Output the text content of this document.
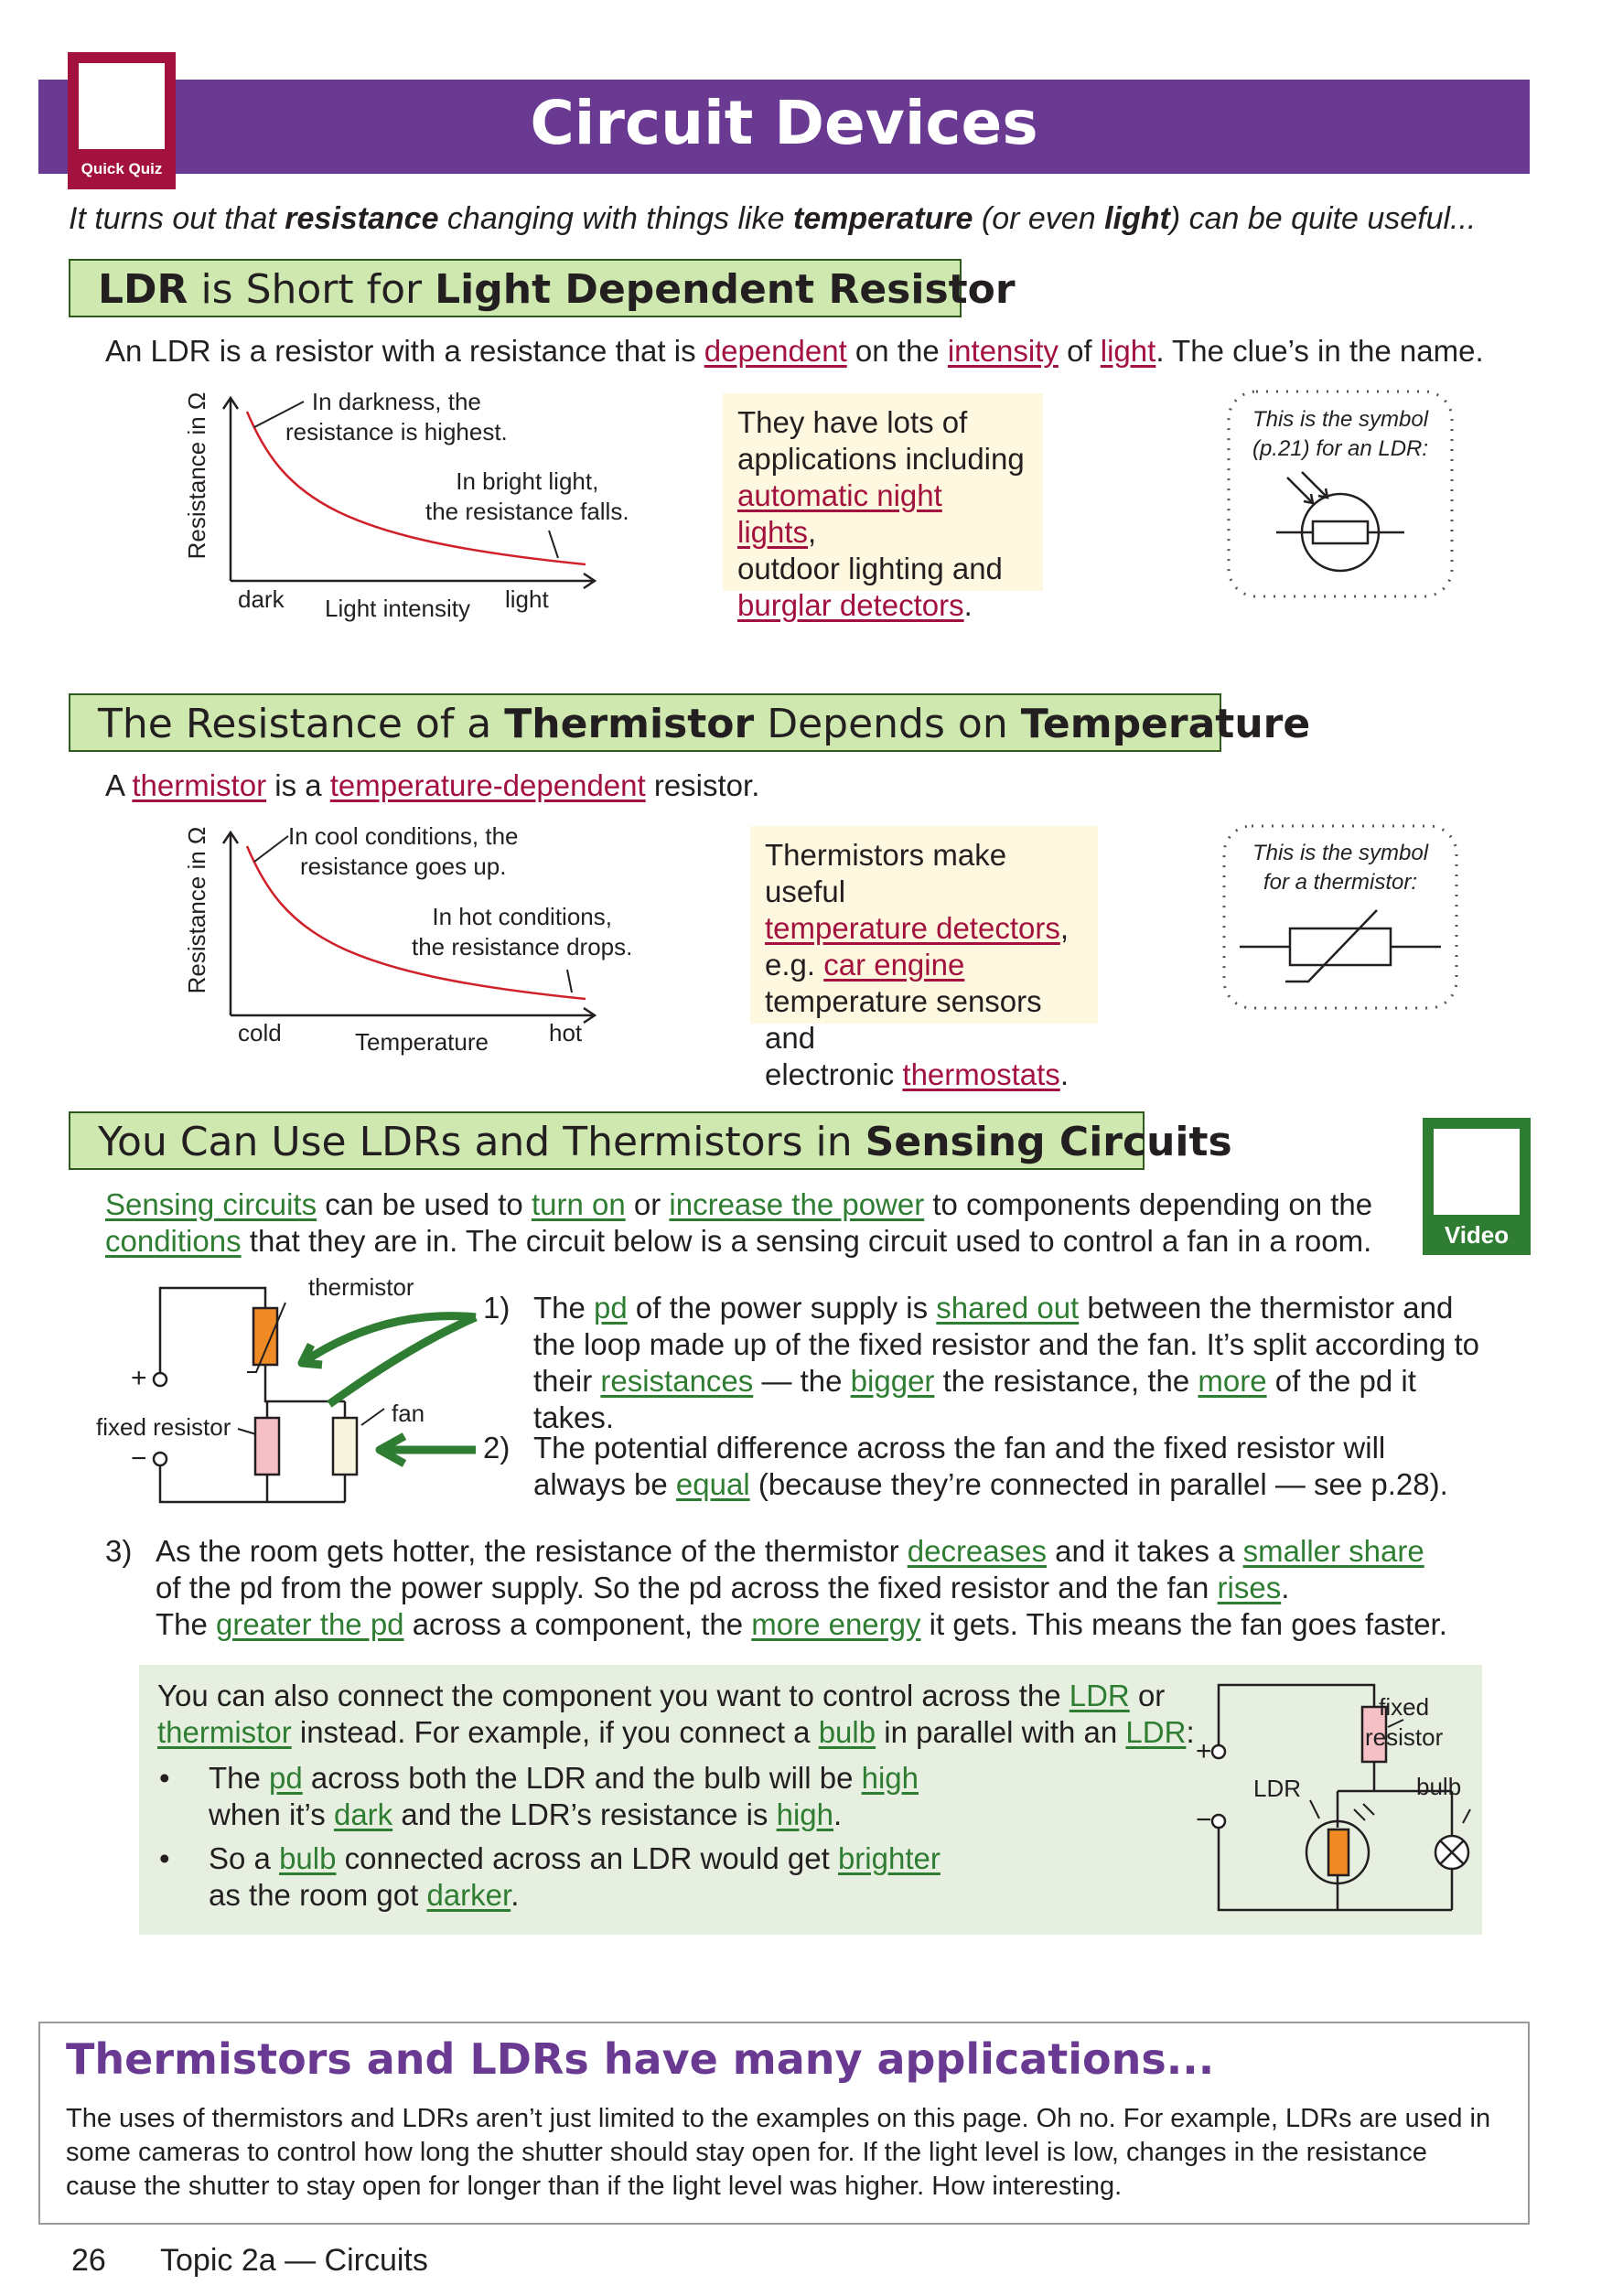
Circuit Devices
Quick Quiz
It turns out that resistance changing with things like temperature (or even light) can be quite useful...
LDR is Short for Light Dependent Resistor
An LDR is a resistor with a resistance that is dependent on the intensity of light. The clue’s in the name.
Resistance in Ω
dark Light intensity light
In darkness, the
resistance is highest.
In bright light,
the resistance falls.
They have lots of
applications including
automatic night lights,
outdoor lighting and
burglar detectors.
This is the symbol
(p.21) for an LDR:
The Resistance of a Thermistor Depends on Temperature
A thermistor is a temperature-dependent resistor.
Resistance in Ω
cold	Temperature	hot
In cool conditions, the
resistance goes up.
In hot conditions,
the resistance drops.
Thermistors make useful
temperature detectors,
e.g. car engine
temperature sensors and
electronic thermostats.
This is the symbol
for a thermistor:
You Can Use LDRs and Thermistors in Sensing Circuits
Video
Sensing circuits can be used to turn on or increase the power to components depending on the
conditions that they are in. The circuit below is a sensing circuit used to control a fan in a room.
thermistor
fan
fixed resistor
+
−
1) The pd of the power supply is shared out between the thermistor and
the loop made up of the fixed resistor and the fan. It’s split according to
their resistances — the bigger the resistance, the more of the pd it takes.
2) The potential difference across the fan and the fixed resistor will
always be equal (because they’re connected in parallel — see p.28).
3) As the room gets hotter, the resistance of the thermistor decreases and it takes a smaller share
of the pd from the power supply. So the pd across the fixed resistor and the fan rises.
The greater the pd across a component, the more energy it gets. This means the fan goes faster.
You can also connect the component you want to control across the LDR or
thermistor instead. For example, if you connect a bulb in parallel with an LDR:
• The pd across both the LDR and the bulb will be high
when it’s dark and the LDR’s resistance is high.
• So a bulb connected across an LDR would get brighter
as the room got darker.
fixed
resistor
LDR	bulb
+
−
Thermistors and LDRs have many applications...
The uses of thermistors and LDRs aren’t just limited to the examples on this page. Oh no. For example, LDRs are used in some cameras to control how long the shutter should stay open for. If the light level is low, changes in the resistance cause the shutter to stay open for longer than if the light level was higher. How interesting.
26 Topic 2a — Circuits
